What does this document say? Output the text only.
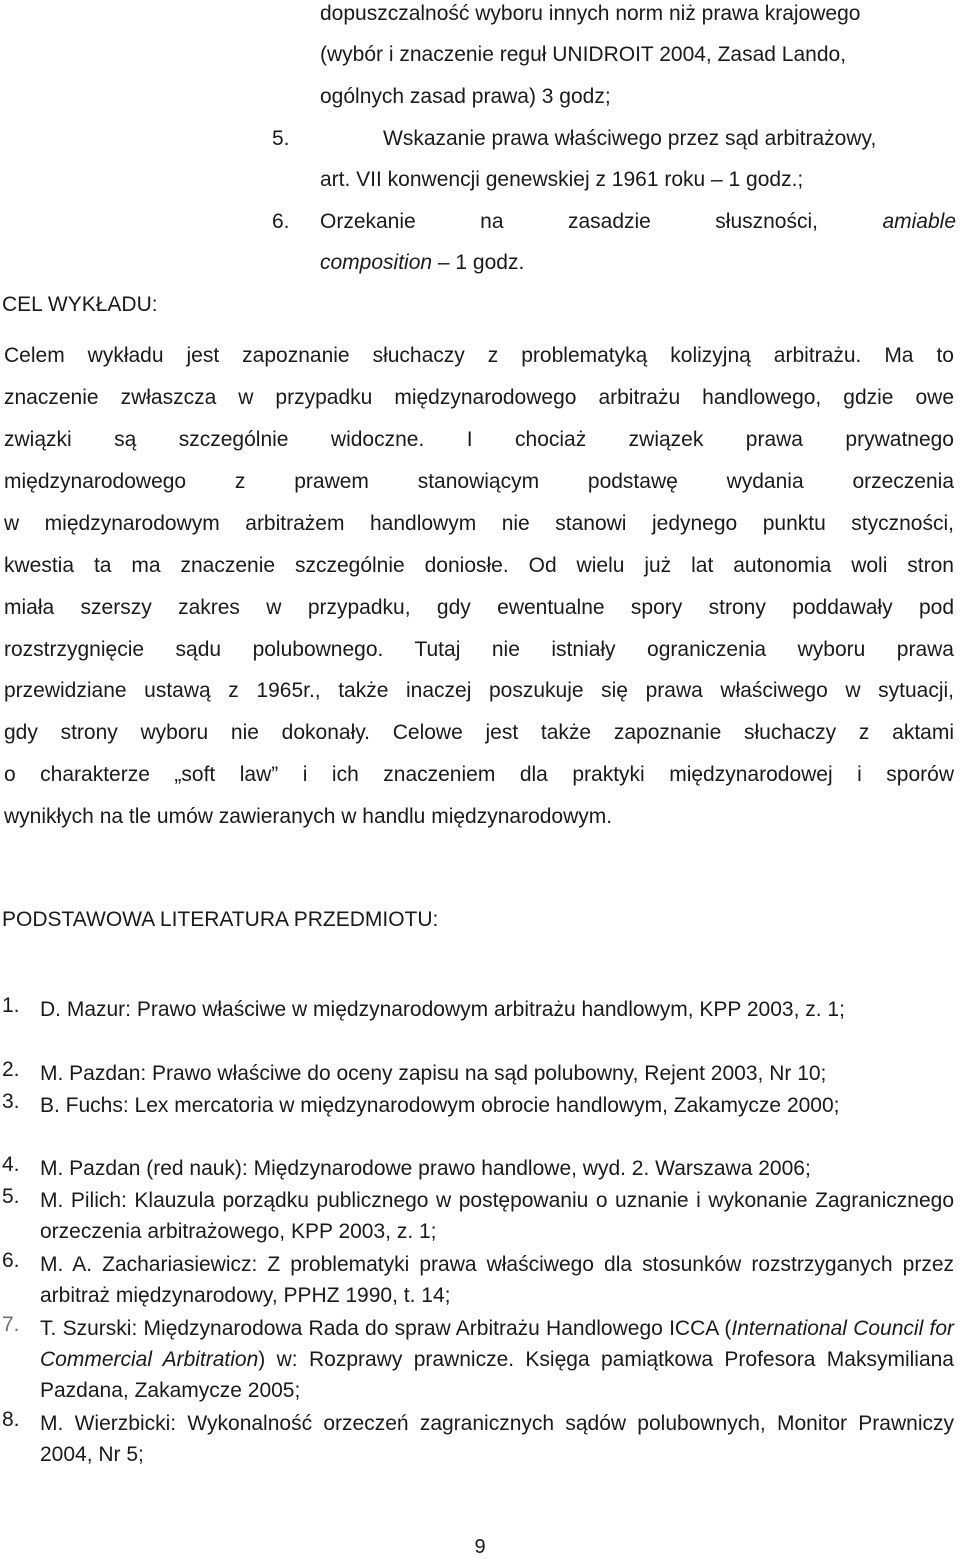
dopuszczalność wyboru innych norm niż prawa krajowego
(wybór i znaczenie reguł UNIDROIT 2004, Zasad Lando,
ogólnych zasad prawa) 3 godz;
5.	Wskazanie prawa właściwego przez sąd arbitrażowy,
art. VII konwencji genewskiej z 1961 roku – 1 godz.;
6. Orzekanie na zasadzie słuszności,	amiable
composition – 1 godz.
CEL WYKŁADU:
Celem wykładu jest zapoznanie słuchaczy z problematyką kolizyjną arbitrażu. Ma to
znaczenie zwłaszcza w przypadku międzynarodowego arbitrażu handlowego, gdzie owe
związki są szczególnie widoczne. I chociaż związek prawa prywatnego
międzynarodowego z prawem stanowiącym podstawę wydania orzeczenia
w międzynarodowym arbitrażem handlowym nie stanowi jedynego punktu styczności,
kwestia ta ma znaczenie szczególnie doniosłe. Od wielu już lat autonomia woli stron
miała szerszy zakres w przypadku, gdy ewentualne spory strony poddawały pod
rozstrzygnięcie sądu polubownego. Tutaj nie istniały ograniczenia wyboru prawa
przewidziane ustawą z 1965r., także inaczej poszukuje się prawa właściwego w sytuacji,
gdy strony wyboru nie dokonały. Celowe jest także zapoznanie słuchaczy z aktami
o charakterze „soft law” i ich znaczeniem dla praktyki międzynarodowej i sporów
wynikłych na tle umów zawieranych w handlu międzynarodowym.
PODSTAWOWA LITERATURA PRZEDMIOTU:
1. D. Mazur: Prawo właściwe w międzynarodowym arbitrażu handlowym, KPP 2003, z. 1;
2. M. Pazdan: Prawo właściwe do oceny zapisu na sąd polubowny, Rejent 2003, Nr 10;
3. B. Fuchs: Lex mercatoria w międzynarodowym obrocie handlowym, Zakamycze 2000;
4. M. Pazdan (red nauk): Międzynarodowe prawo handlowe, wyd. 2. Warszawa 2006;
5. M. Pilich: Klauzula porządku publicznego w postępowaniu o uznanie i wykonanie Zagranicznego orzeczenia arbitrażowego, KPP 2003, z. 1;
6. M. A. Zachariasiewicz: Z problematyki prawa właściwego dla stosunków rozstrzyganych przez arbitraż międzynarodowy, PPHZ 1990, t. 14;
7. T. Szurski: Międzynarodowa Rada do spraw Arbitrażu Handlowego ICCA (International Council for Commercial Arbitration) w: Rozprawy prawnicze. Księga pamiątkowa Profesora Maksymiliana Pazdana, Zakamycze 2005;
8. M. Wierzbicki: Wykonalność orzeczeń zagranicznych sądów polubownych, Monitor Prawniczy 2004, Nr 5;
9
